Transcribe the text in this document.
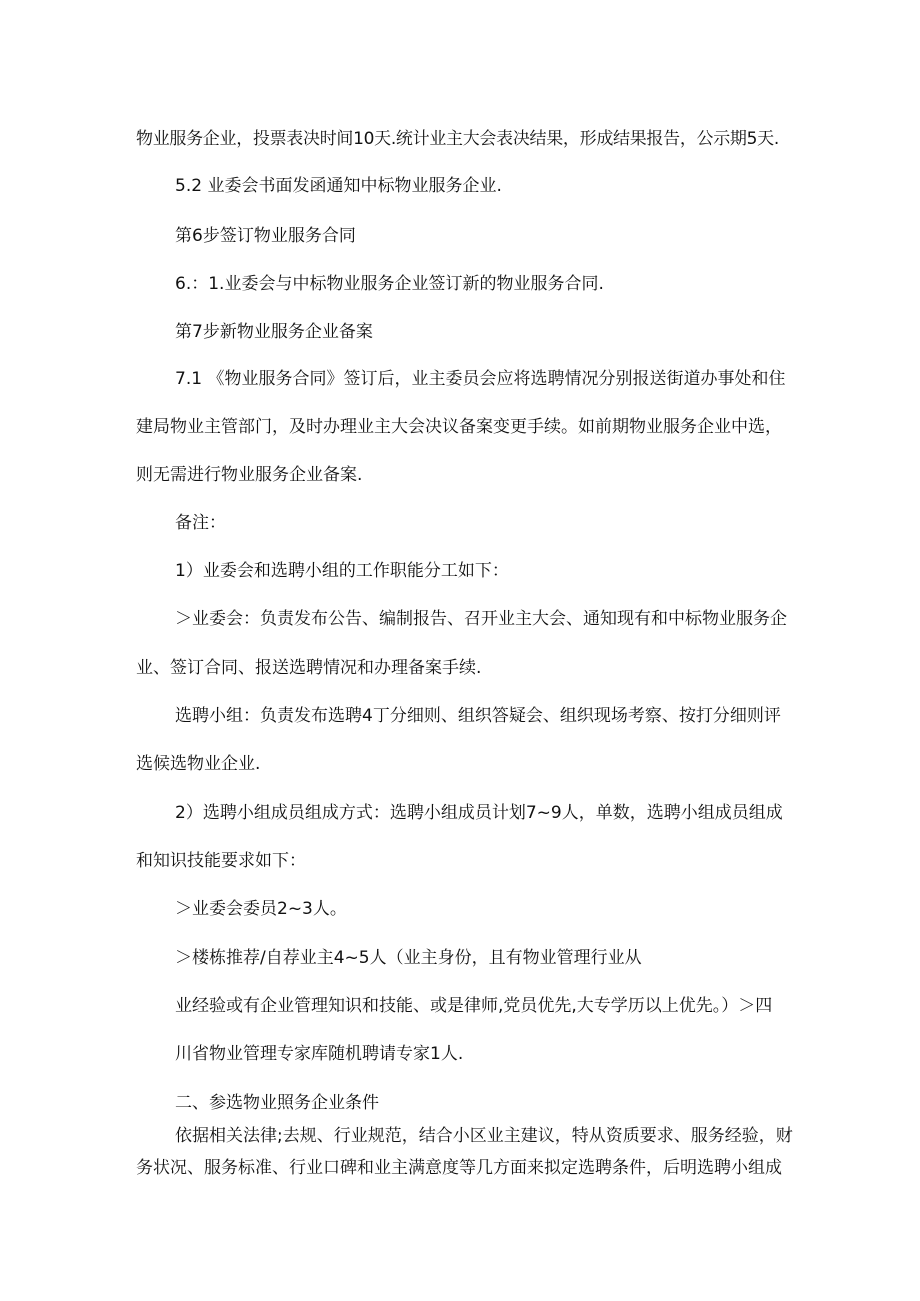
物业服务企业，投票表决时间10天.统计业主大会表决结果，形成结果报告，公示期5天.
5.2 业委会书面发函通知中标物业服务企业.
第6步签订物业服务合同
6.：1.业委会与中标物业服务企业签订新的物业服务合同.
第7步新物业服务企业备案
7.1 《物业服务合同》签订后，业主委员会应将选聘情况分别报送街道办事处和住
建局物业主管部门，及时办理业主大会决议备案变更手续。如前期物业服务企业中选，
则无需进行物业服务企业备案.
备注：
1）业委会和选聘小组的工作职能分工如下：
＞业委会：负责发布公告、编制报告、召开业主大会、通知现有和中标物业服务企
业、签订合同、报送选聘情况和办理备案手续.
选聘小组：负责发布选聘4丁分细则、组织答疑会、组织现场考察、按打分细则评
选候选物业企业.
2）选聘小组成员组成方式：选聘小组成员计划7~9人，单数，选聘小组成员组成
和知识技能要求如下：
＞业委会委员2~3人。
＞楼栋推荐/自荐业主4~5人（业主身份，且有物业管理行业从
业经验或有企业管理知识和技能、或是律师,党员优先,大专学历以上优先。）＞四
川省物业管理专家库随机聘请专家1人.
二、参选物业照务企业条件
依据相关法律;去规、行业规范，结合小区业主建议，特从资质要求、服务经验，财
务状况、服务标准、行业口碑和业主满意度等几方面来拟定选聘条件，后明选聘小组成
